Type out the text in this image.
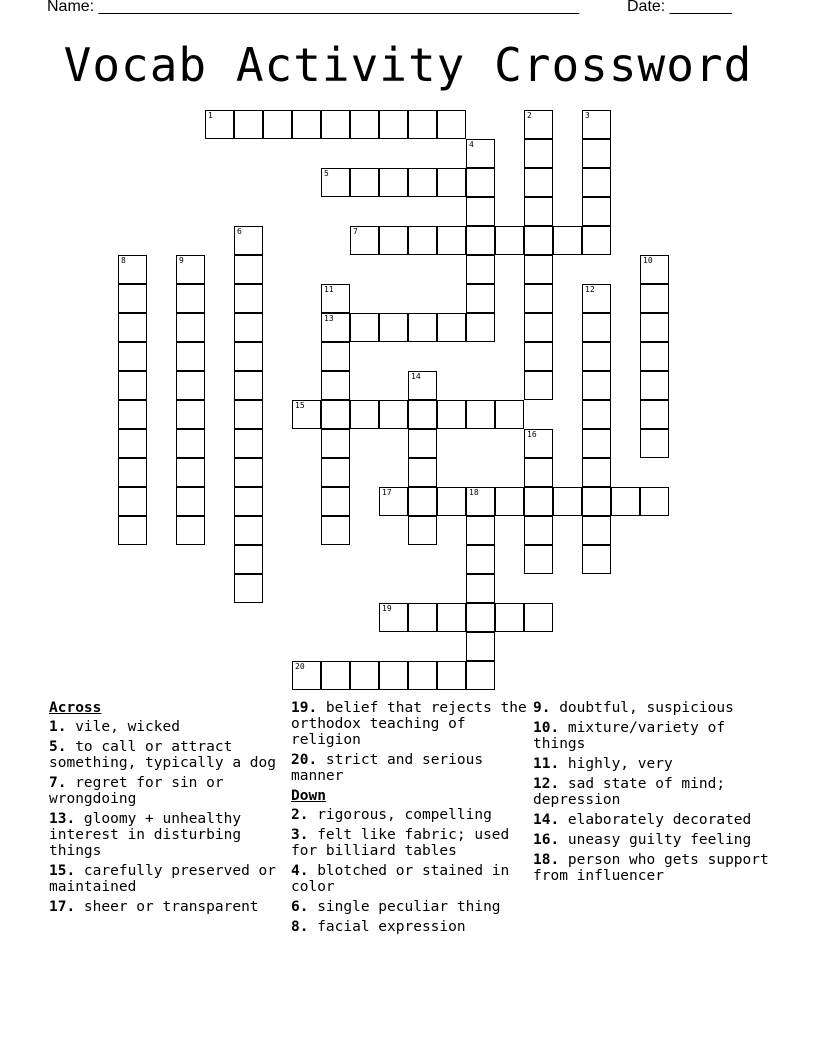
Name: ______________________________________________________	Date: _______
Vocab Activity Crossword
1
5
7
13
15
17	18
19
20
2	3
4
6
8	9	10
11	12
14
16
Across
1. vile, wicked
5. to call or attract something, typically a dog
7. regret for sin or wrongdoing
13. gloomy + unhealthy interest in disturbing things
15. carefully preserved or maintained
17. sheer or transparent
19. belief that rejects the orthodox teaching of religion
20. strict and serious manner
Down
2. rigorous, compelling
3. felt like fabric; used for billiard tables
4. blotched or stained in color
6. single peculiar thing
8. facial expression
9. doubtful, suspicious
10. mixture/variety of things
11. highly, very
12. sad state of mind; depression
14. elaborately decorated
16. uneasy guilty feeling
18. person who gets support from influencer
